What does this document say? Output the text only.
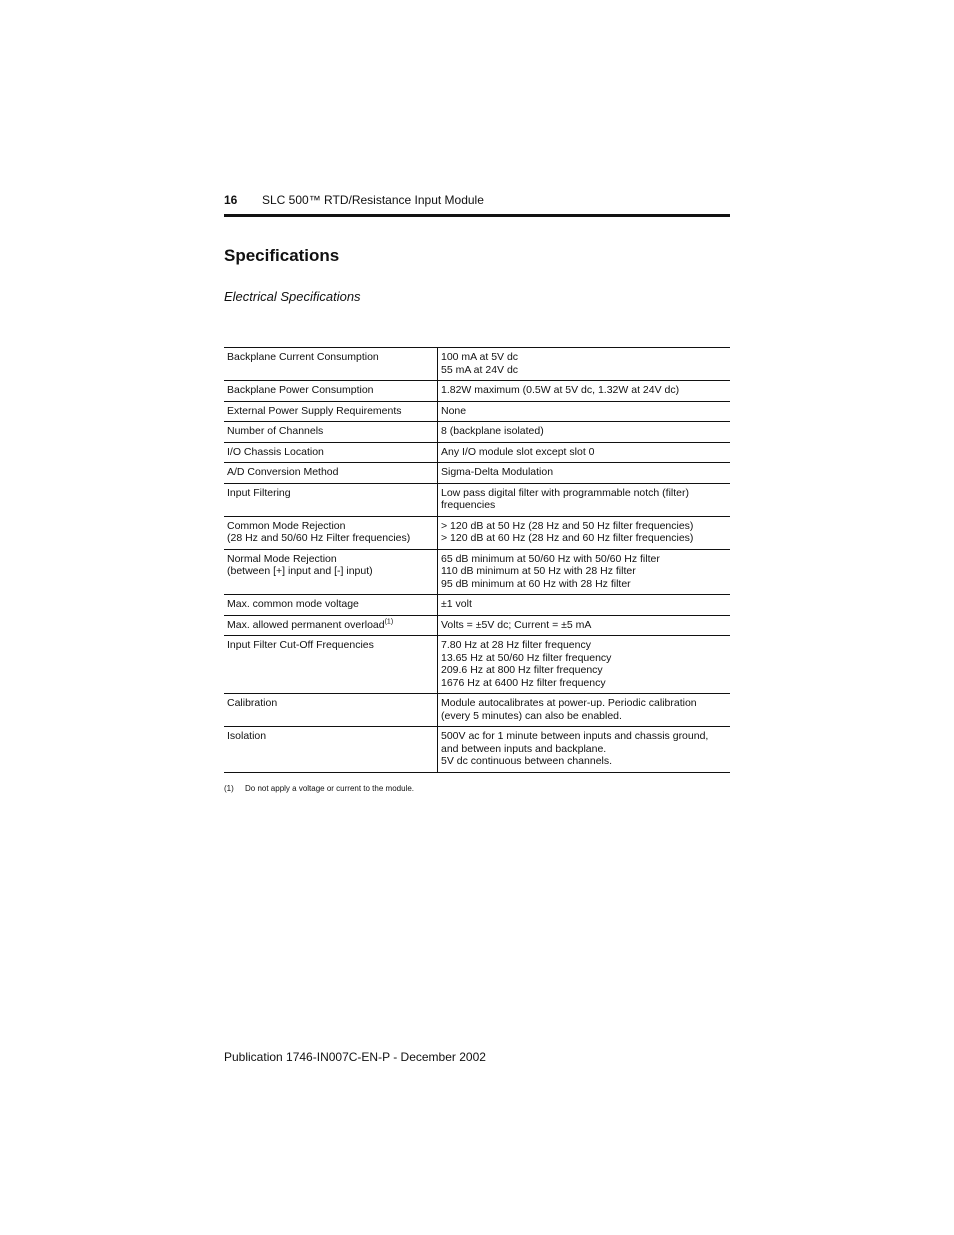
16 SLC 500™ RTD/Resistance Input Module
Specifications
Electrical Specifications
Backplane Current Consumption	100 mA at 5V dc
55 mA at 24V dc

Backplane Power Consumption	1.82W maximum (0.5W at 5V dc, 1.32W at 24V dc)

External Power Supply Requirements	None

Number of Channels	8 (backplane isolated)

I/O Chassis Location	Any I/O module slot except slot 0

A/D Conversion Method	Sigma-Delta Modulation

Input Filtering	Low pass digital filter with programmable notch (filter) frequencies

Common Mode Rejection
(28 Hz and 50/60 Hz Filter frequencies)	> 120 dB at 50 Hz (28 Hz and 50 Hz filter frequencies)
> 120 dB at 60 Hz (28 Hz and 60 Hz filter frequencies)

Normal Mode Rejection
(between [+] input and [-] input)	65 dB minimum at 50/60 Hz with 50/60 Hz filter
110 dB minimum at 50 Hz with 28 Hz filter
95 dB minimum at 60 Hz with 28 Hz filter

Max. common mode voltage	±1 volt

Max. allowed permanent overload$^{(1)}$	Volts = ±5V dc; Current = ±5 mA

Input Filter Cut-Off Frequencies	7.80 Hz at 28 Hz filter frequency
13.65 Hz at 50/60 Hz filter frequency
209.6 Hz at 800 Hz filter frequency
1676 Hz at 6400 Hz filter frequency

Calibration	Module autocalibrates at power-up. Periodic calibration (every 5 minutes) can also be enabled.

Isolation	500V ac for 1 minute between inputs and chassis ground, and between inputs and backplane.
5V dc continuous between channels.
(1) Do not apply a voltage or current to the module.
Publication 1746-IN007C-EN-P - December 2002
